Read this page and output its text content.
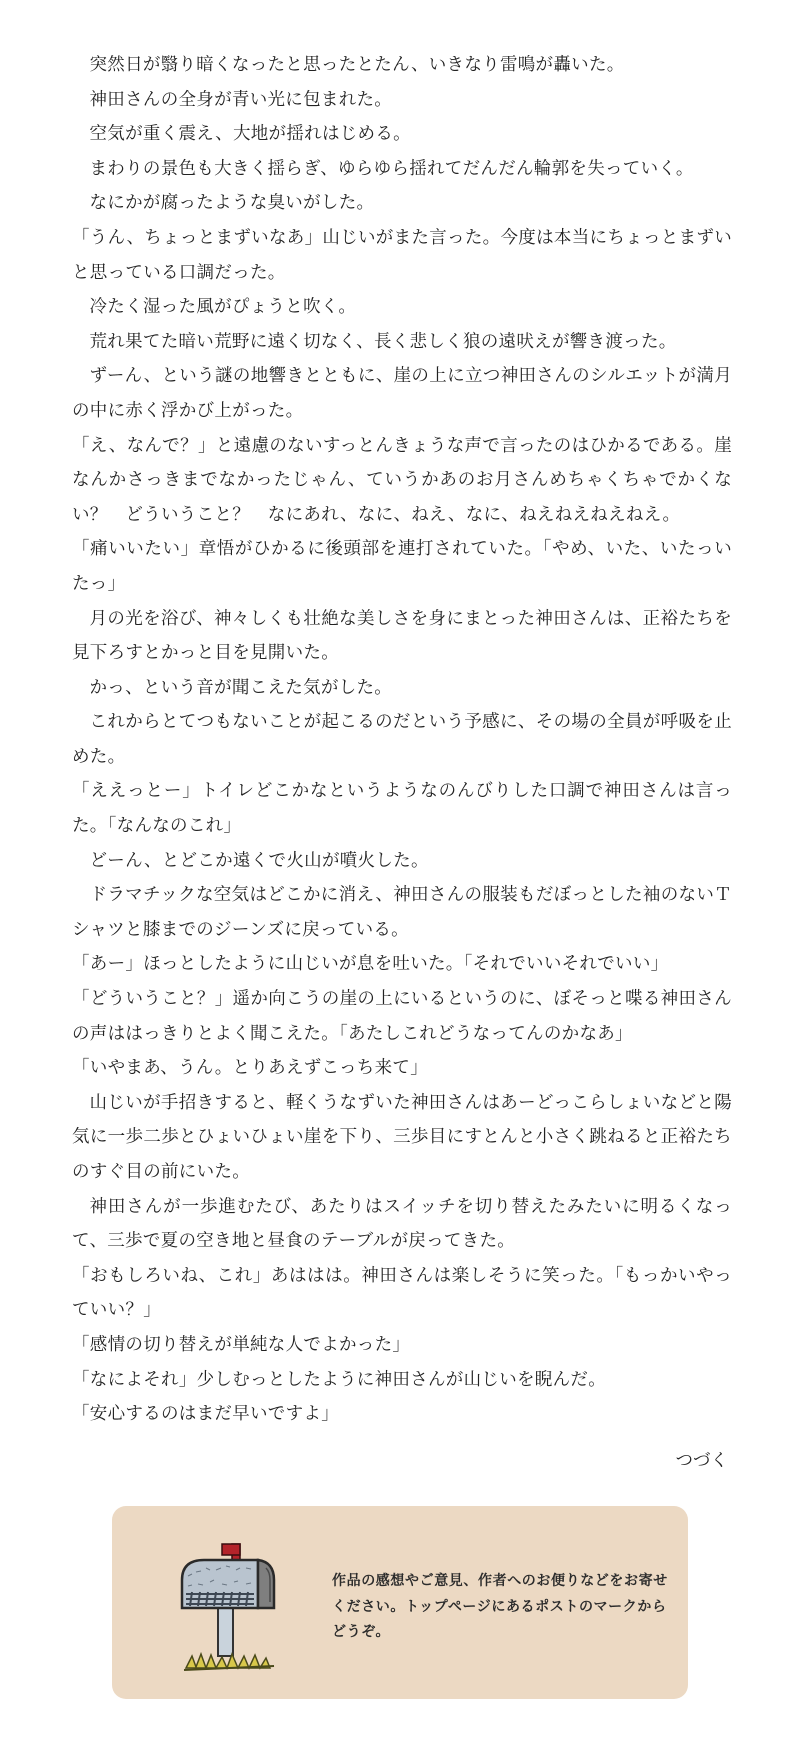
突然日が翳り暗くなったと思ったとたん、いきなり雷鳴が轟いた。

神田さんの全身が青い光に包まれた。

空気が重く震え、大地が揺れはじめる。

まわりの景色も大きく揺らぎ、ゆらゆら揺れてだんだん輪郭を失っていく。

なにかが腐ったような臭いがした。

「うん、ちょっとまずいなあ」山じいがまた言った。今度は本当にちょっとまずいと思っている口調だった。

冷たく湿った風がぴょうと吹く。

荒れ果てた暗い荒野に遠く切なく、長く悲しく狼の遠吠えが響き渡った。

ずーん、という謎の地響きとともに、崖の上に立つ神田さんのシルエットが満月の中に赤く浮かび上がった。

「え、なんで？」と遠慮のないすっとんきょうな声で言ったのはひかるである。崖なんかさっきまでなかったじゃん、ていうかあのお月さんめちゃくちゃでかくない？　どういうこと？　なにあれ、なに、ねえ、なに、ねえねえねえねえ。

「痛いいたい」章悟がひかるに後頭部を連打されていた。「やめ、いた、いたっいたっ」

月の光を浴び、神々しくも壮絶な美しさを身にまとった神田さんは、正裕たちを見下ろすとかっと目を見開いた。

かっ、という音が聞こえた気がした。

これからとてつもないことが起こるのだという予感に、その場の全員が呼吸を止めた。

「ええっとー」トイレどこかなというようなのんびりした口調で神田さんは言った。「なんなのこれ」

どーん、とどこか遠くで火山が噴火した。

ドラマチックな空気はどこかに消え、神田さんの服装もだぼっとした袖のないＴシャツと膝までのジーンズに戻っている。

「あー」ほっとしたように山じいが息を吐いた。「それでいいそれでいい」

「どういうこと？」遥か向こうの崖の上にいるというのに、ぼそっと喋る神田さんの声ははっきりとよく聞こえた。「あたしこれどうなってんのかなあ」

「いやまあ、うん。とりあえずこっち来て」

山じいが手招きすると、軽くうなずいた神田さんはあーどっこらしょいなどと陽気に一歩二歩とひょいひょい崖を下り、三歩目にすとんと小さく跳ねると正裕たちのすぐ目の前にいた。

神田さんが一歩進むたび、あたりはスイッチを切り替えたみたいに明るくなって、三歩で夏の空き地と昼食のテーブルが戻ってきた。

「おもしろいね、これ」あははは。神田さんは楽しそうに笑った。「もっかいやっていい？」

「感情の切り替えが単純な人でよかった」

「なによそれ」少しむっとしたように神田さんが山じいを睨んだ。

「安心するのはまだ早いですよ」

つづく

作品の感想やご意見、作者へのお便りなどをお寄せください。トップページにあるポストのマークからどうぞ。
